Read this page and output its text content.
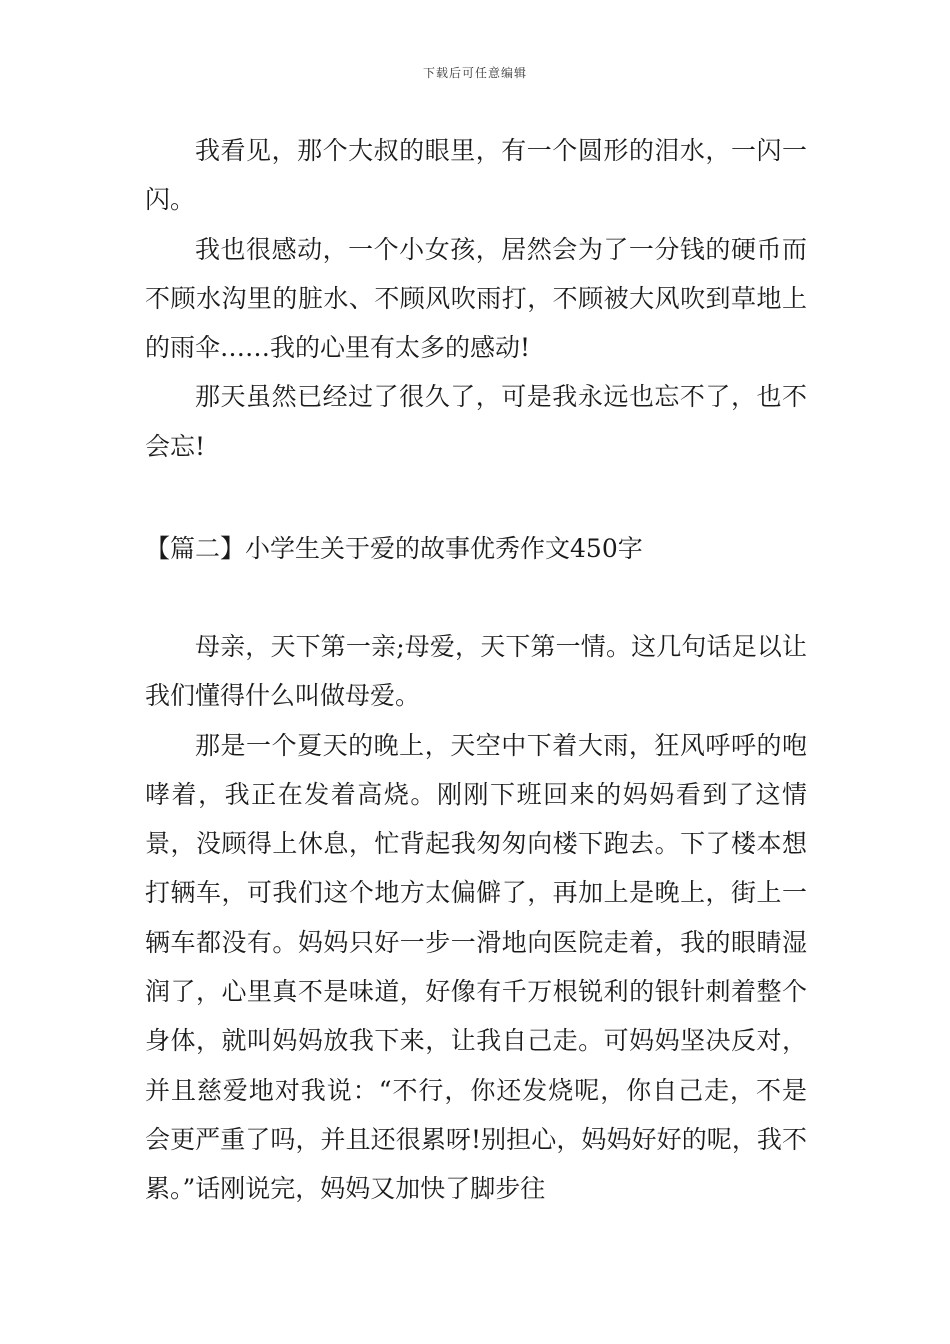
下载后可任意编辑

我看见，那个大叔的眼里，有一个圆形的泪水，一闪一闪。

我也很感动，一个小女孩，居然会为了一分钱的硬币而不顾水沟里的脏水、不顾风吹雨打，不顾被大风吹到草地上的雨伞……我的心里有太多的感动!

那天虽然已经过了很久了，可是我永远也忘不了，也不会忘!

【篇二】小学生关于爱的故事优秀作文450字

母亲，天下第一亲;母爱，天下第一情。这几句话足以让我们懂得什么叫做母爱。

那是一个夏天的晚上，天空中下着大雨，狂风呼呼的咆哮着，我正在发着高烧。刚刚下班回来的妈妈看到了这情景，没顾得上休息，忙背起我匆匆向楼下跑去。下了楼本想打辆车，可我们这个地方太偏僻了，再加上是晚上，街上一辆车都没有。妈妈只好一步一滑地向医院走着，我的眼睛湿润了，心里真不是味道，好像有千万根锐利的银针刺着整个身体，就叫妈妈放我下来，让我自己走。可妈妈坚决反对，并且慈爱地对我说：“不行，你还发烧呢，你自己走，不是会更严重了吗，并且还很累呀!别担心，妈妈好好的呢，我不累。”话刚说完，妈妈又加快了脚步往
